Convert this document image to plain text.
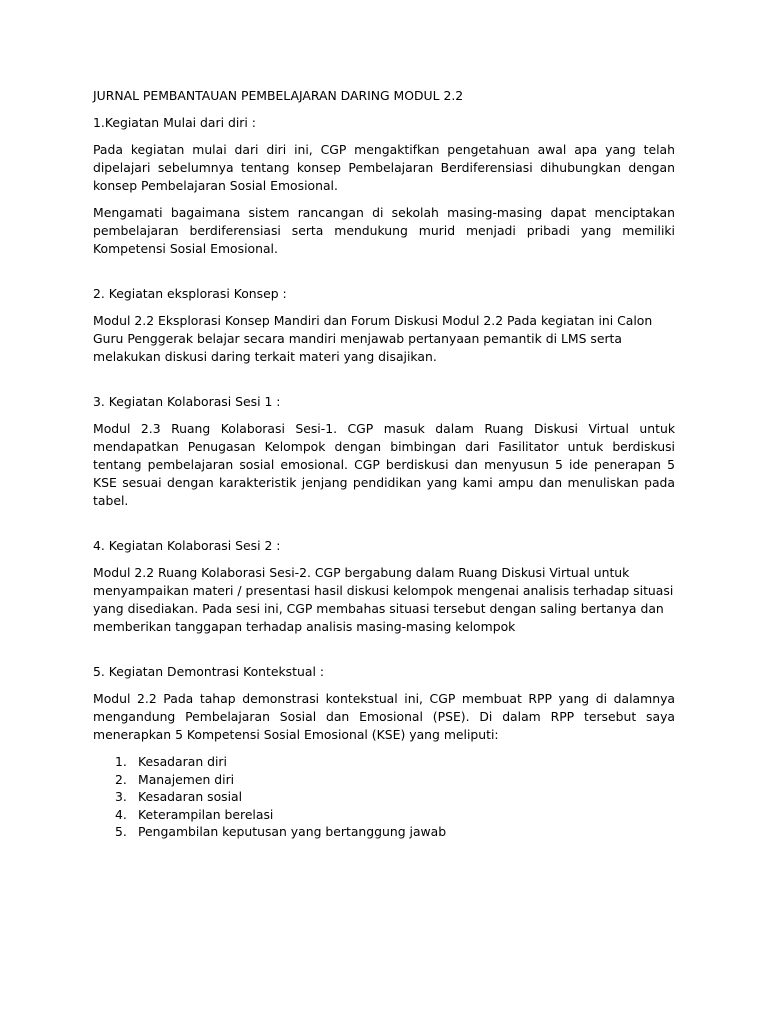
JURNAL PEMBANTAUAN PEMBELAJARAN DARING MODUL 2.2

1.Kegiatan Mulai dari diri :

Pada kegiatan mulai dari diri ini, CGP mengaktifkan pengetahuan awal apa yang telah dipelajari sebelumnya tentang konsep Pembelajaran Berdiferensiasi dihubungkan dengan konsep Pembelajaran Sosial Emosional.

Mengamati bagaimana sistem rancangan di sekolah masing-masing dapat menciptakan pembelajaran berdiferensiasi serta mendukung murid menjadi pribadi yang memiliki Kompetensi Sosial Emosional.

2. Kegiatan eksplorasi Konsep :

Modul 2.2 Eksplorasi Konsep Mandiri dan Forum Diskusi Modul 2.2 Pada kegiatan ini Calon Guru Penggerak belajar secara mandiri menjawab pertanyaan pemantik di LMS serta melakukan diskusi daring terkait materi yang disajikan.

3. Kegiatan Kolaborasi Sesi 1 :

Modul 2.3 Ruang Kolaborasi Sesi-1. CGP masuk dalam Ruang Diskusi Virtual untuk mendapatkan Penugasan Kelompok dengan bimbingan dari Fasilitator untuk berdiskusi tentang pembelajaran sosial emosional. CGP berdiskusi dan menyusun 5 ide penerapan 5 KSE sesuai dengan karakteristik jenjang pendidikan yang kami ampu dan menuliskan pada tabel.

4. Kegiatan Kolaborasi Sesi 2 :

Modul 2.2 Ruang Kolaborasi Sesi-2. CGP bergabung dalam Ruang Diskusi Virtual untuk menyampaikan materi / presentasi hasil diskusi kelompok mengenai analisis terhadap situasi yang disediakan. Pada sesi ini, CGP membahas situasi tersebut dengan saling bertanya dan memberikan tanggapan terhadap analisis masing-masing kelompok

5. Kegiatan Demontrasi Kontekstual :

Modul 2.2 Pada tahap demonstrasi kontekstual ini, CGP membuat RPP yang di dalamnya mengandung Pembelajaran Sosial dan Emosional (PSE). Di dalam RPP tersebut saya menerapkan 5 Kompetensi Sosial Emosional (KSE) yang meliputi:

1. Kesadaran diri
2. Manajemen diri
3. Kesadaran sosial
4. Keterampilan berelasi
5. Pengambilan keputusan yang bertanggung jawab
